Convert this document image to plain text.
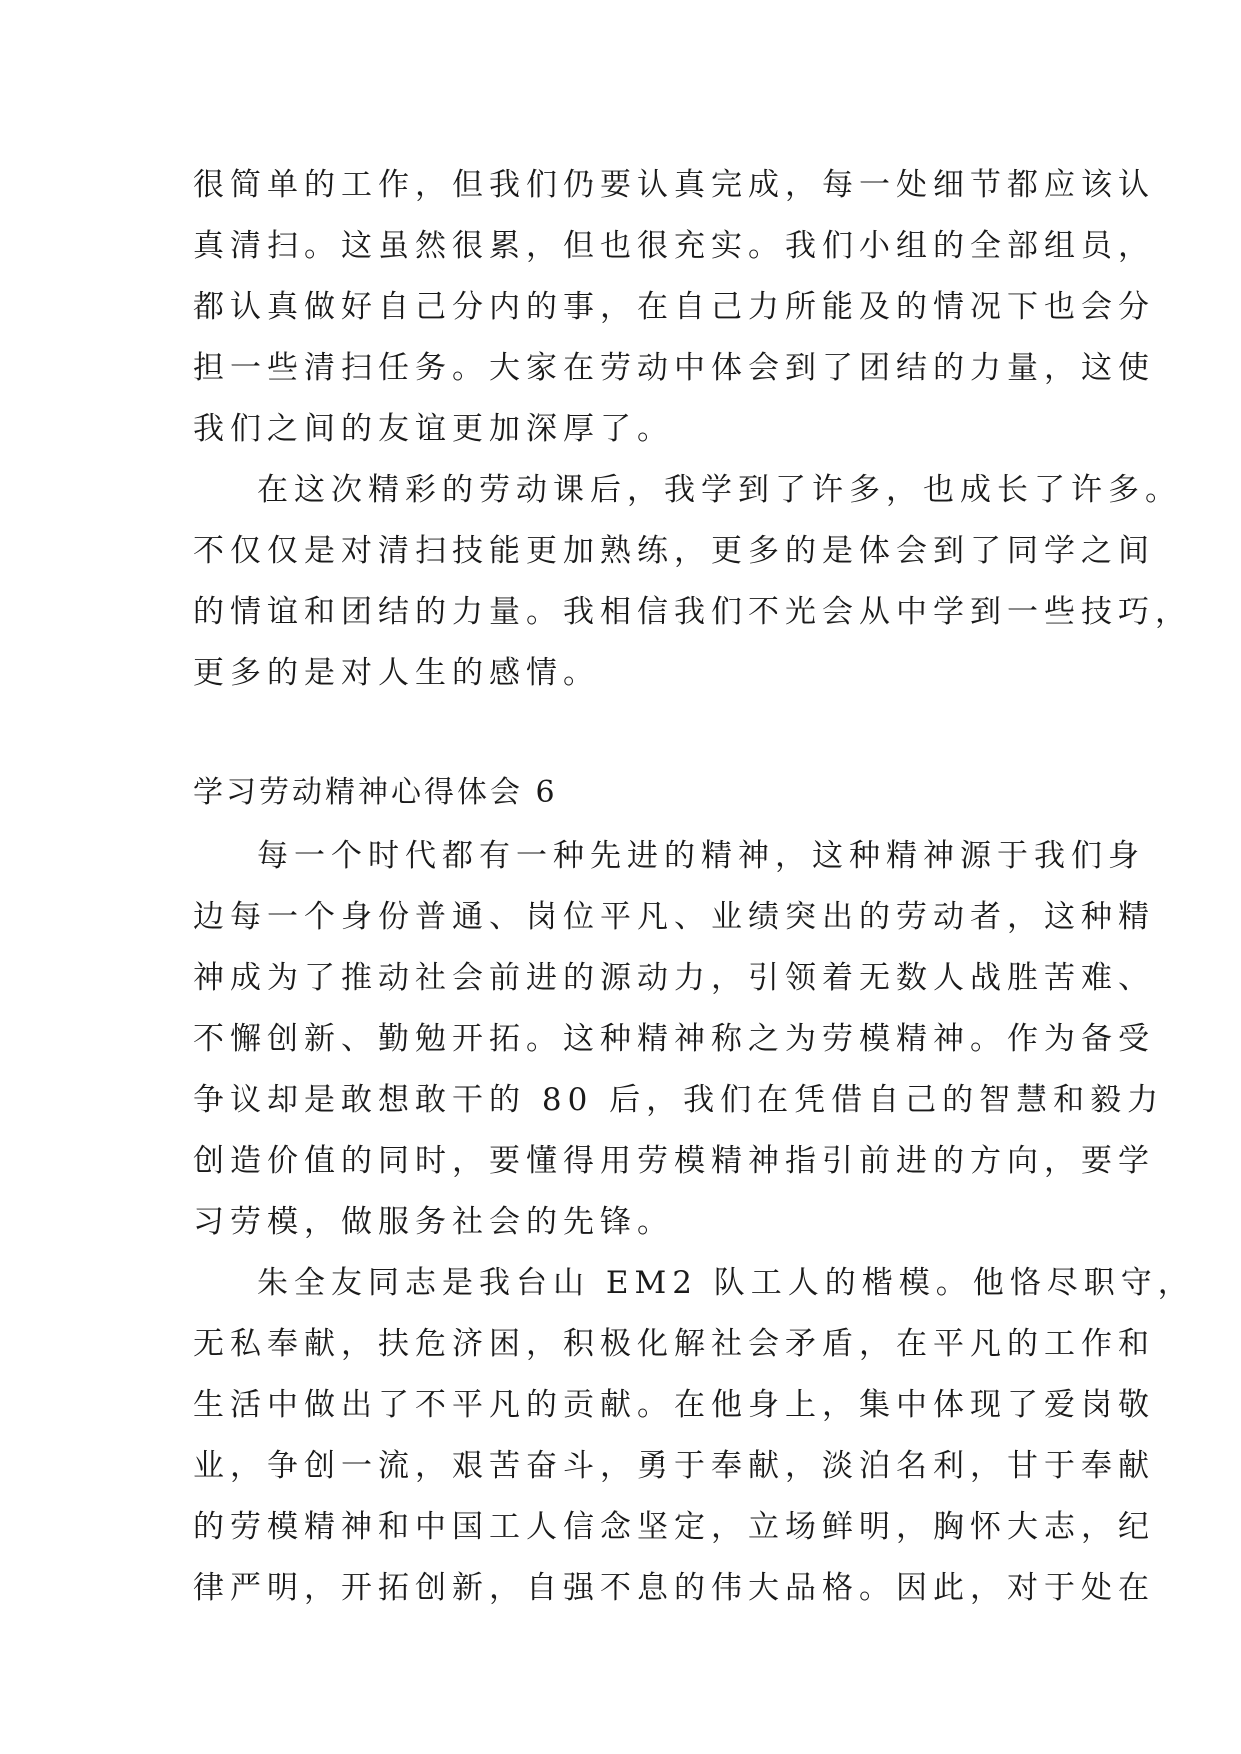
很简单的工作，但我们仍要认真完成，每一处细节都应该认
真清扫。这虽然很累，但也很充实。我们小组的全部组员，
都认真做好自己分内的事，在自己力所能及的情况下也会分
担一些清扫任务。大家在劳动中体会到了团结的力量，这使
我们之间的友谊更加深厚了。
在这次精彩的劳动课后，我学到了许多，也成长了许多。
不仅仅是对清扫技能更加熟练，更多的是体会到了同学之间
的情谊和团结的力量。我相信我们不光会从中学到一些技巧，
更多的是对人生的感情。
学习劳动精神心得体会 6
每一个时代都有一种先进的精神，这种精神源于我们身
边每一个身份普通、岗位平凡、业绩突出的劳动者，这种精
神成为了推动社会前进的源动力，引领着无数人战胜苦难、
不懈创新、勤勉开拓。这种精神称之为劳模精神。作为备受
争议却是敢想敢干的 80 后，我们在凭借自己的智慧和毅力
创造价值的同时，要懂得用劳模精神指引前进的方向，要学
习劳模，做服务社会的先锋。
朱全友同志是我台山 EM2 队工人的楷模。他恪尽职守，
无私奉献，扶危济困，积极化解社会矛盾，在平凡的工作和
生活中做出了不平凡的贡献。在他身上，集中体现了爱岗敬
业，争创一流，艰苦奋斗，勇于奉献，淡泊名利，甘于奉献
的劳模精神和中国工人信念坚定，立场鲜明，胸怀大志，纪
律严明，开拓创新，自强不息的伟大品格。因此，对于处在
